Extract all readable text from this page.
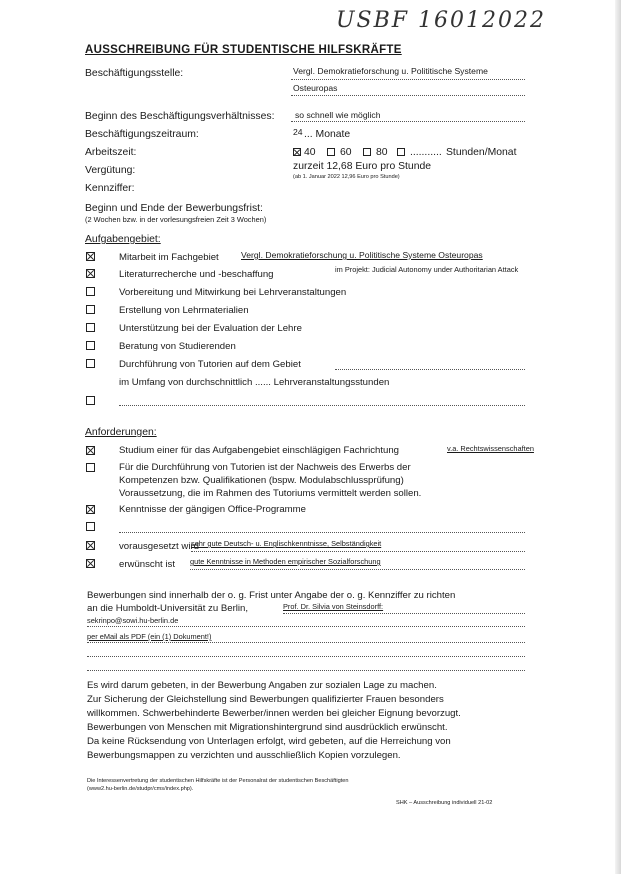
USBF 16012022
AUSSCHREIBUNG FÜR STUDENTISCHE HILFSKRÄFTE
Beschäftigungsstelle:	Vergl. Demokratieforschung u. Polititische Systeme
Osteuropas
Beginn des Beschäftigungsverhältnisses: so schnell wie möglich
Beschäftigungszeitraum:	24 ... Monate
Arbeitszeit:	40 60 80 ........... Stunden/Monat
Vergütung:	zurzeit 12,68 Euro pro Stunde
(ab 1. Januar 2022 12,96 Euro pro Stunde)
Kennziffer:
Beginn und Ende der Bewerbungsfrist:
(2 Wochen bzw. in der vorlesungsfreien Zeit 3 Wochen)
Aufgabengebiet:
Mitarbeit im Fachgebiet	Vergl. Demokratieforschung u. Polititische Systeme Osteuropas
Literaturrecherche und -beschaffung	im Projekt: Judicial Autonomy under Authoritarian Attack
Vorbereitung und Mitwirkung bei Lehrveranstaltungen
Erstellung von Lehrmaterialien
Unterstützung bei der Evaluation der Lehre
Beratung von Studierenden
Durchführung von Tutorien auf dem Gebiet
im Umfang von durchschnittlich ...... Lehrveranstaltungsstunden
Anforderungen:
Studium einer für das Aufgabengebiet einschlägigen Fachrichtung	v.a. Rechtswissenschaften
Für die Durchführung von Tutorien ist der Nachweis des Erwerbs der
Kompetenzen bzw. Qualifikationen (bspw. Modulabschlussprüfung)
Voraussetzung, die im Rahmen des Tutoriums vermittelt werden sollen.
Kenntnisse der gängigen Office-Programme
vorausgesetzt wird
sehr gute Deutsch- u. Englischkenntnisse, Selbständigkeit
erwünscht ist gute Kenntnisse in Methoden empirischer Sozialforschung
Bewerbungen sind innerhalb der o. g. Frist unter Angabe der o. g. Kennziffer zu richten
an die Humboldt-Universität zu Berlin,	Prof. Dr. Silvia von Steinsdorff:
sekrinpo@sowi.hu-berlin.de
per eMail als PDF (ein (1) Dokument!)
Es wird darum gebeten, in der Bewerbung Angaben zur sozialen Lage zu machen.
Zur Sicherung der Gleichstellung sind Bewerbungen qualifizierter Frauen besonders
willkommen. Schwerbehinderte Bewerber/innen werden bei gleicher Eignung bevorzugt.
Bewerbungen von Menschen mit Migrationshintergrund sind ausdrücklich erwünscht.
Da keine Rücksendung von Unterlagen erfolgt, wird gebeten, auf die Herreichung von
Bewerbungsmappen zu verzichten und ausschließlich Kopien vorzulegen.
Die Interessenvertretung der studentischen Hilfskräfte ist der Personalrat der studentischen Beschäftigten
(www2.hu-berlin.de/studpr/cms/index.php).
SHK – Ausschreibung individuell 21-02
